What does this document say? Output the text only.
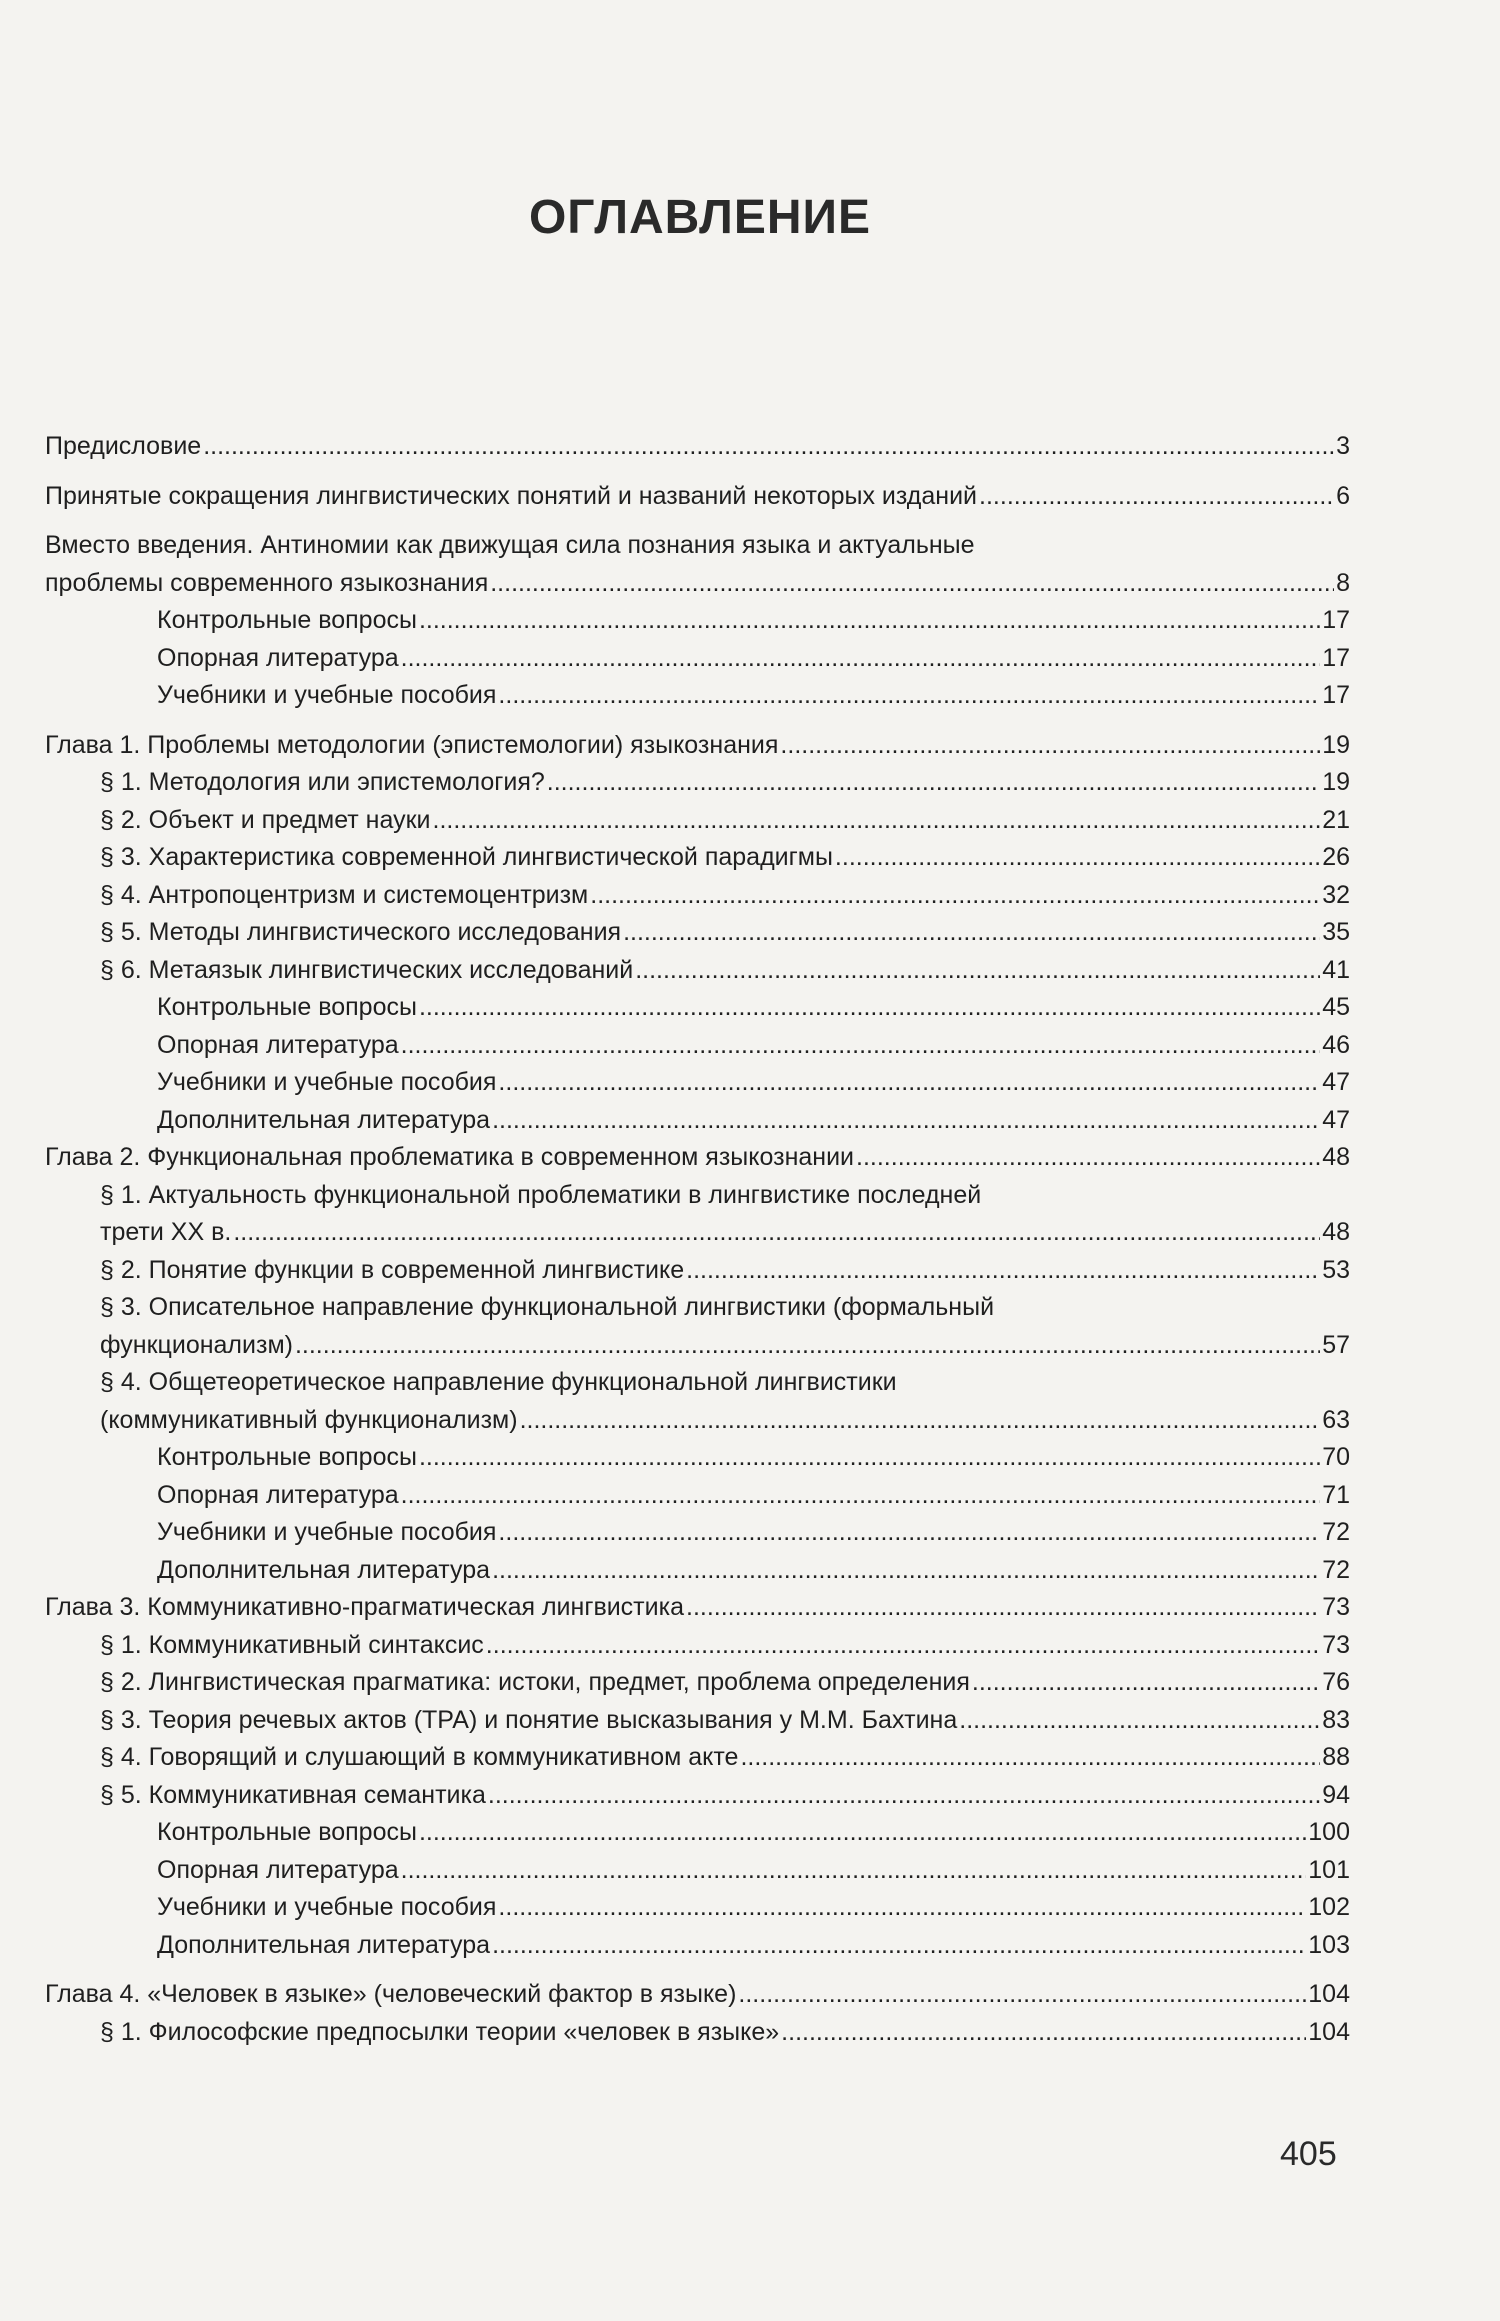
ОГЛАВЛЕНИЕ
Предисловие .....	3
Принятые сокращения лингвистических понятий и названий некоторых изданий .....	6
Вместо введения. Антиномии как движущая сила познания языка и актуальные
проблемы современного языкознания .....	8
Контрольные вопросы .....	17
Опорная литература .....	17
Учебники и учебные пособия .....	17
Глава 1. Проблемы методологии (эпистемологии) языкознания .....	19
§ 1. Методология или эпистемология? .....	19
§ 2. Объект и предмет науки .....	21
§ 3. Характеристика современной лингвистической парадигмы .....	26
§ 4. Антропоцентризм и системоцентризм .....	32
§ 5. Методы лингвистического исследования .....	35
§ 6. Метаязык лингвистических исследований .....	41
Контрольные вопросы .....	45
Опорная литература .....	46
Учебники и учебные пособия .....	47
Дополнительная литература .....	47
Глава 2. Функциональная проблематика в современном языкознании .....	48
§ 1. Актуальность функциональной проблематики в лингвистике последней
трети XX в. .....	48
§ 2. Понятие функции в современной лингвистике .....	53
§ 3. Описательное направление функциональной лингвистики (формальный
функционализм) .....	57
§ 4. Общетеоретическое направление функциональной лингвистики
(коммуникативный функционализм) .....	63
Контрольные вопросы .....	70
Опорная литература .....	71
Учебники и учебные пособия .....	72
Дополнительная литература .....	72
Глава 3. Коммуникативно-прагматическая лингвистика .....	73
§ 1. Коммуникативный синтаксис .....	73
§ 2. Лингвистическая прагматика: истоки, предмет, проблема определения .....	76
§ 3. Теория речевых актов (ТРА) и понятие высказывания у М.М. Бахтина .....	83
§ 4. Говорящий и слушающий в коммуникативном акте .....	88
§ 5. Коммуникативная семантика .....	94
Контрольные вопросы .....	100
Опорная литература .....	101
Учебники и учебные пособия .....	102
Дополнительная литература .....	103
Глава 4. «Человек в языке» (человеческий фактор в языке) .....	104
§ 1. Философские предпосылки теории «человек в языке» .....	104
405
